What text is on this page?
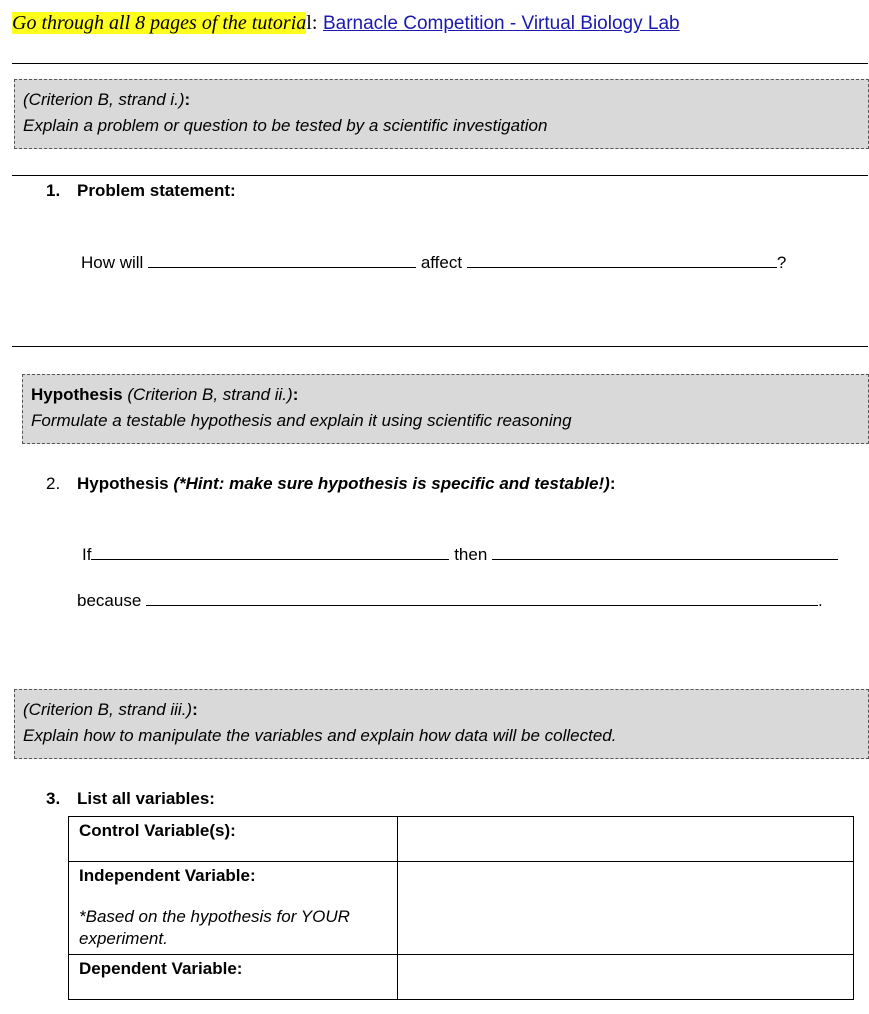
Go through all 8 pages of the tutorial: Barnacle Competition - Virtual Biology Lab
(Criterion B, strand i.):
Explain a problem or question to be tested by a scientific investigation
1. Problem statement:
How will	affect	?
Hypothesis (Criterion B, strand ii.):
Formulate a testable hypothesis and explain it using scientific reasoning
2. Hypothesis (*Hint: make sure hypothesis is specific and testable!):
If	then
because	.
(Criterion B, strand iii.):
Explain how to manipulate the variables and explain how data will be collected.
3. List all variables:
Control Variable(s):	
Independent Variable:
*Based on the hypothesis for YOUR experiment.	

Dependent Variable:	
